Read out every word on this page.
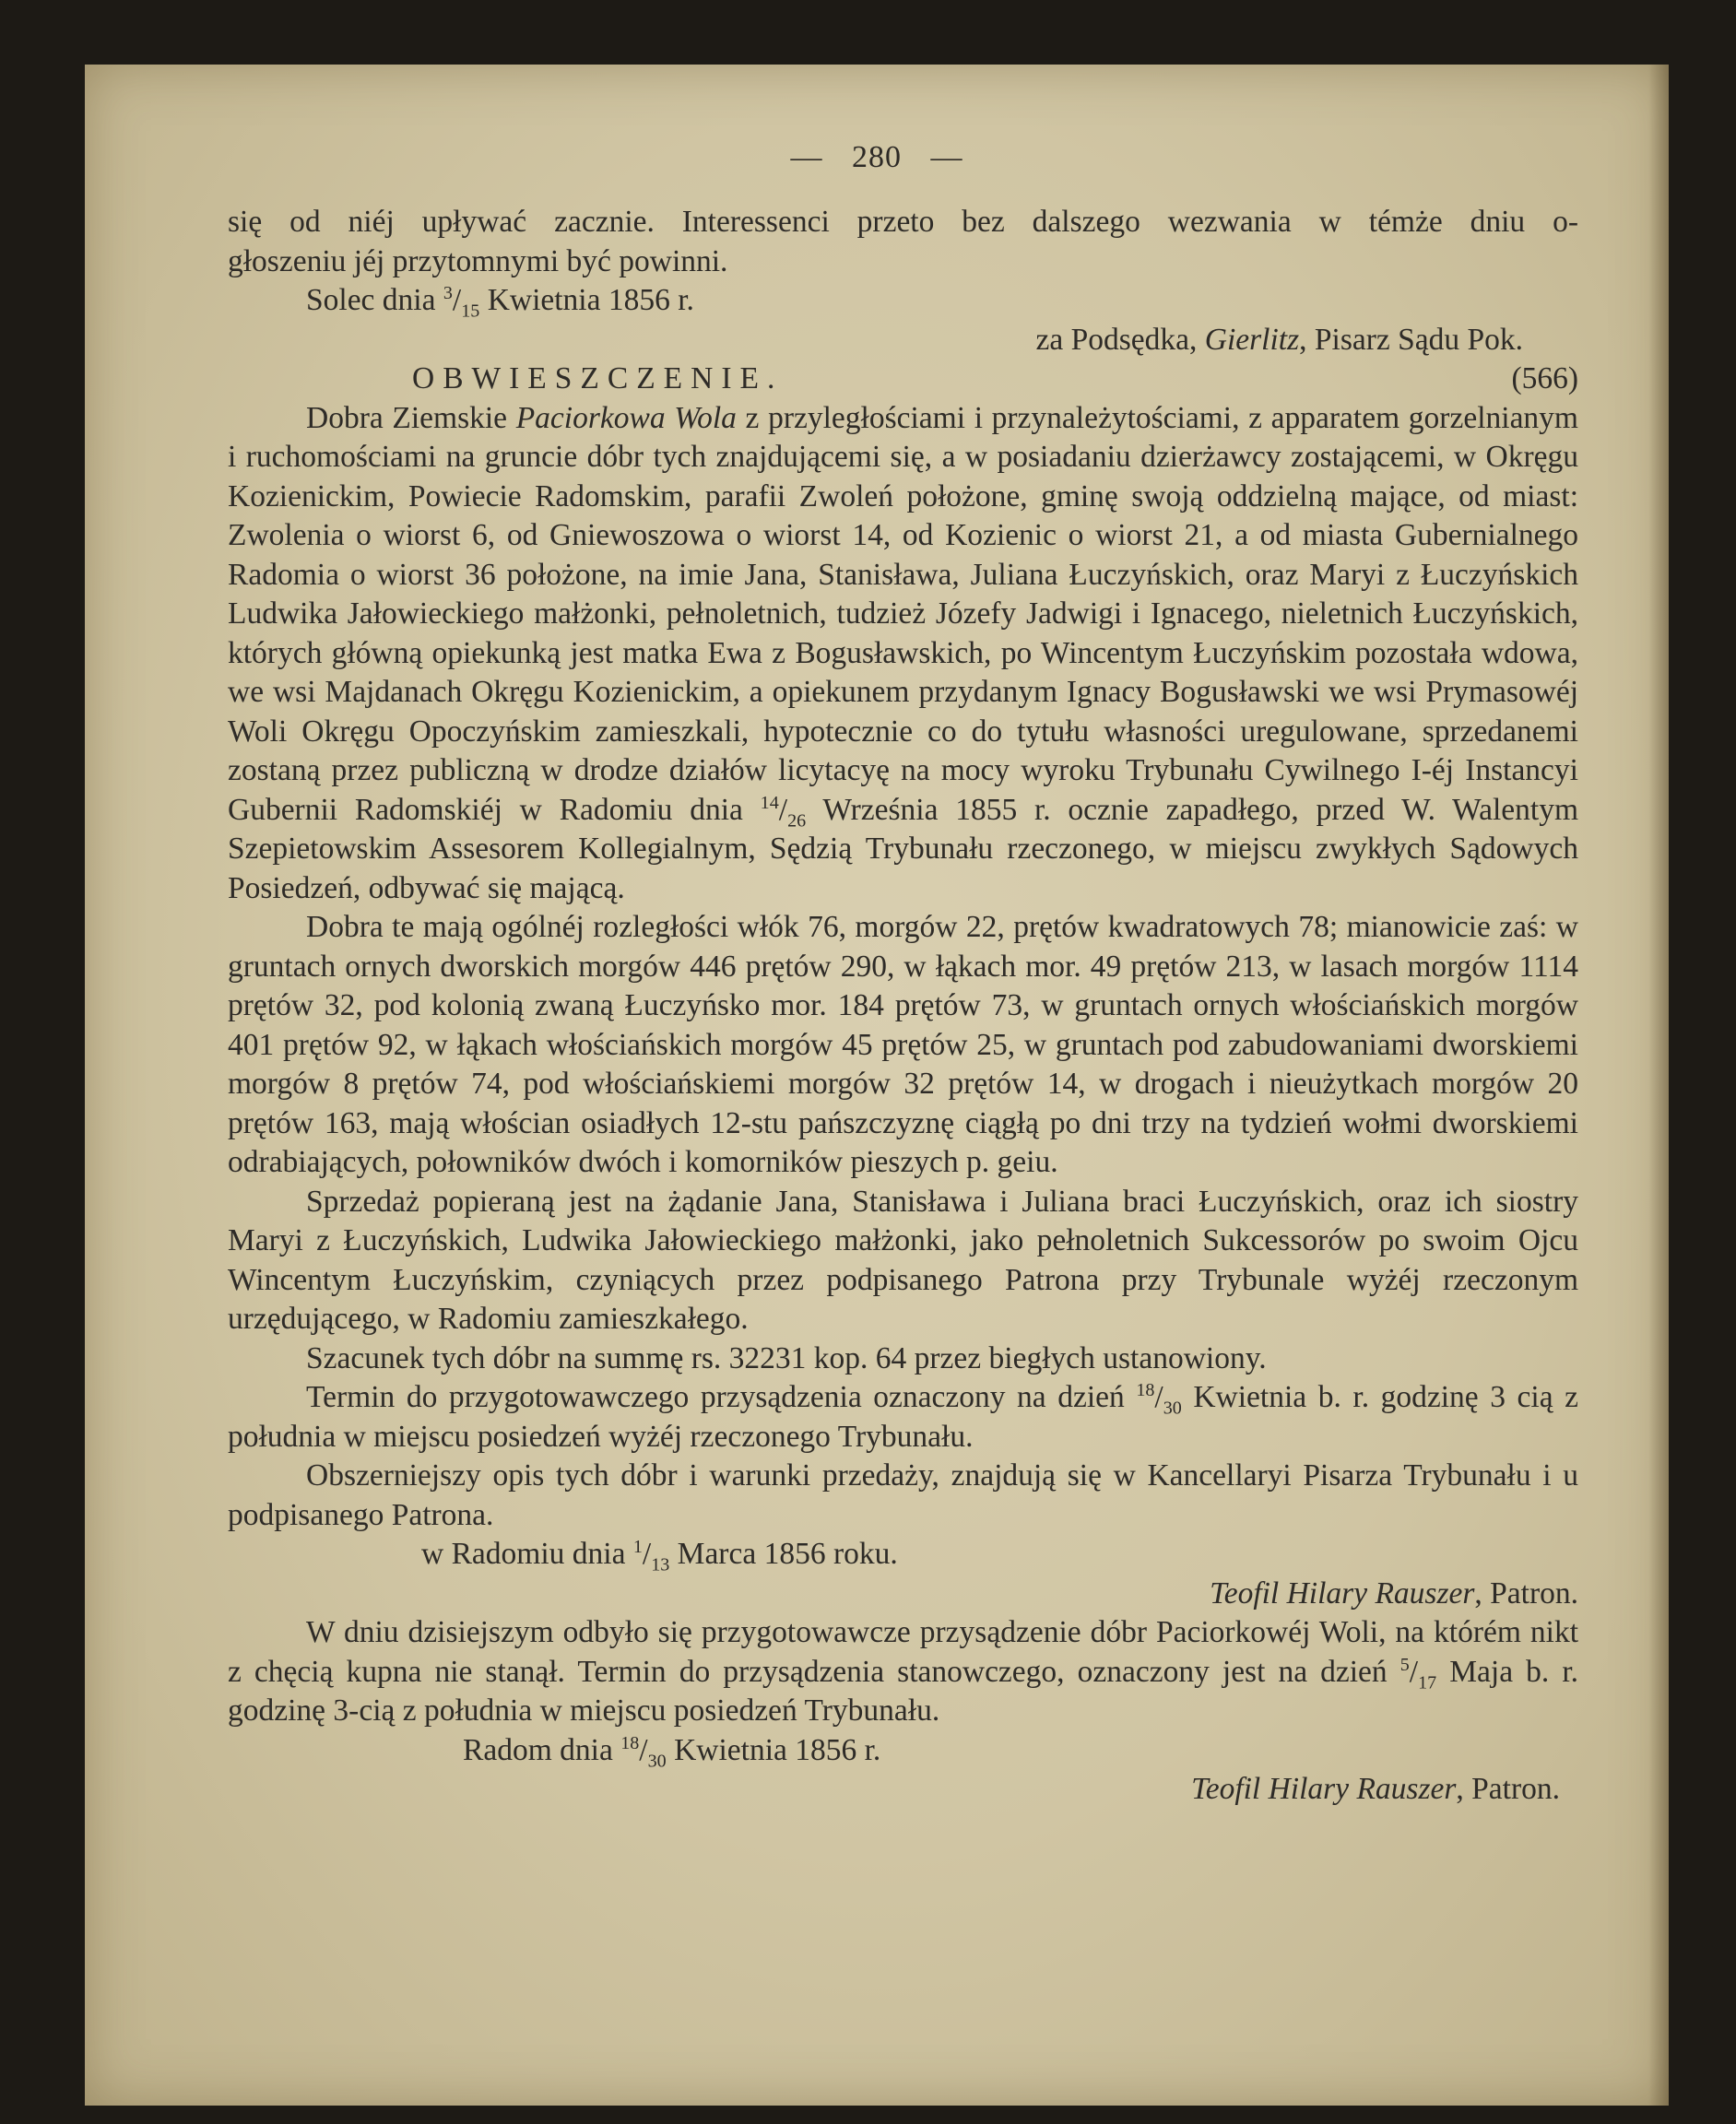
— 280 —

się od niéj upływać zacznie. Interessenci przeto bez dalszego wezwania w témże dniu o-

głoszeniu jéj przytomnymi być powinni.

Solec dnia $^3/_{15}$ Kwietnia 1856 r.

za Podsędka, Gierlitz, Pisarz Sądu Pok.

OBWIESZCZENIE.	(566)

Dobra Ziemskie Paciorkowa Wola z przyległościami i przynależytościami, z apparatem gorzelnianym i ruchomościami na gruncie dóbr tych znajdującemi się, a w posiadaniu dzierżawcy zostającemi, w Okręgu Kozienickim, Powiecie Radomskim, parafii Zwoleń położone, gminę swoją oddzielną mające, od miast: Zwolenia o wiorst 6, od Gniewoszowa o wiorst 14, od Kozienic o wiorst 21, a od miasta Gubernialnego Radomia o wiorst 36 położone, na imie Jana, Stanisława, Juliana Łuczyńskich, oraz Maryi z Łuczyńskich Ludwika Jałowieckiego małżonki, pełnoletnich, tudzież Józefy Jadwigi i Ignacego, nieletnich Łuczyńskich, których główną opiekunką jest matka Ewa z Bogusławskich, po Wincentym Łuczyńskim pozostała wdowa, we wsi Majdanach Okręgu Kozienickim, a opiekunem przydanym Ignacy Bogusławski we wsi Prymasowéj Woli Okręgu Opoczyńskim zamieszkali, hypotecznie co do tytułu własności uregulowane, sprzedanemi zostaną przez publiczną w drodze działów licytacyę na mocy wyroku Trybunału Cywilnego I-éj Instancyi Gubernii Radomskiéj w Radomiu dnia $^{14}/_{26}$ Września 1855 r. ocznie zapadłego, przed W. Walentym Szepietowskim Assesorem Kollegialnym, Sędzią Trybunału rzeczonego, w miejscu zwykłych Sądowych Posiedzeń, odbywać się mającą.

Dobra te mają ogólnéj rozległości włók 76, morgów 22, prętów kwadratowych 78; mianowicie zaś: w gruntach ornych dworskich morgów 446 prętów 290, w łąkach mor. 49 prętów 213, w lasach morgów 1114 prętów 32, pod kolonią zwaną Łuczyńsko mor. 184 prętów 73, w gruntach ornych włościańskich morgów 401 prętów 92, w łąkach włościańskich morgów 45 prętów 25, w gruntach pod zabudowaniami dworskiemi morgów 8 prętów 74, pod włościańskiemi morgów 32 prętów 14, w drogach i nieużytkach morgów 20 prętów 163, mają włościan osiadłych 12-stu pańszczyznę ciągłą po dni trzy na tydzień wołmi dworskiemi odrabiających, połowników dwóch i komorników pieszych p. geiu.

Sprzedaż popieraną jest na żądanie Jana, Stanisława i Juliana braci Łuczyńskich, oraz ich siostry Maryi z Łuczyńskich, Ludwika Jałowieckiego małżonki, jako pełnoletnich Sukcessorów po swoim Ojcu Wincentym Łuczyńskim, czyniących przez podpisanego Patrona przy Trybunale wyżéj rzeczonym urzędującego, w Radomiu zamieszkałego.

Szacunek tych dóbr na summę rs. 32231 kop. 64 przez biegłych ustanowiony.

Termin do przygotowawczego przysądzenia oznaczony na dzień $^{18}/_{30}$ Kwietnia b. r. godzinę 3 cią z południa w miejscu posiedzeń wyżéj rzeczonego Trybunału.

Obszerniejszy opis tych dóbr i warunki przedaży, znajdują się w Kancellaryi Pisarza Trybunału i u podpisanego Patrona.

w Radomiu dnia $^1/_{13}$ Marca 1856 roku.

Teofil Hilary Rauszer, Patron.

W dniu dzisiejszym odbyło się przygotowawcze przysądzenie dóbr Paciorkowéj Woli, na którém nikt z chęcią kupna nie stanął. Termin do przysądzenia stanowczego, oznaczony jest na dzień $^5/_{17}$ Maja b. r. godzinę 3-cią z południa w miejscu posiedzeń Trybunału.

Radom dnia $^{18}/_{30}$ Kwietnia 1856 r.

Teofil Hilary Rauszer, Patron.
